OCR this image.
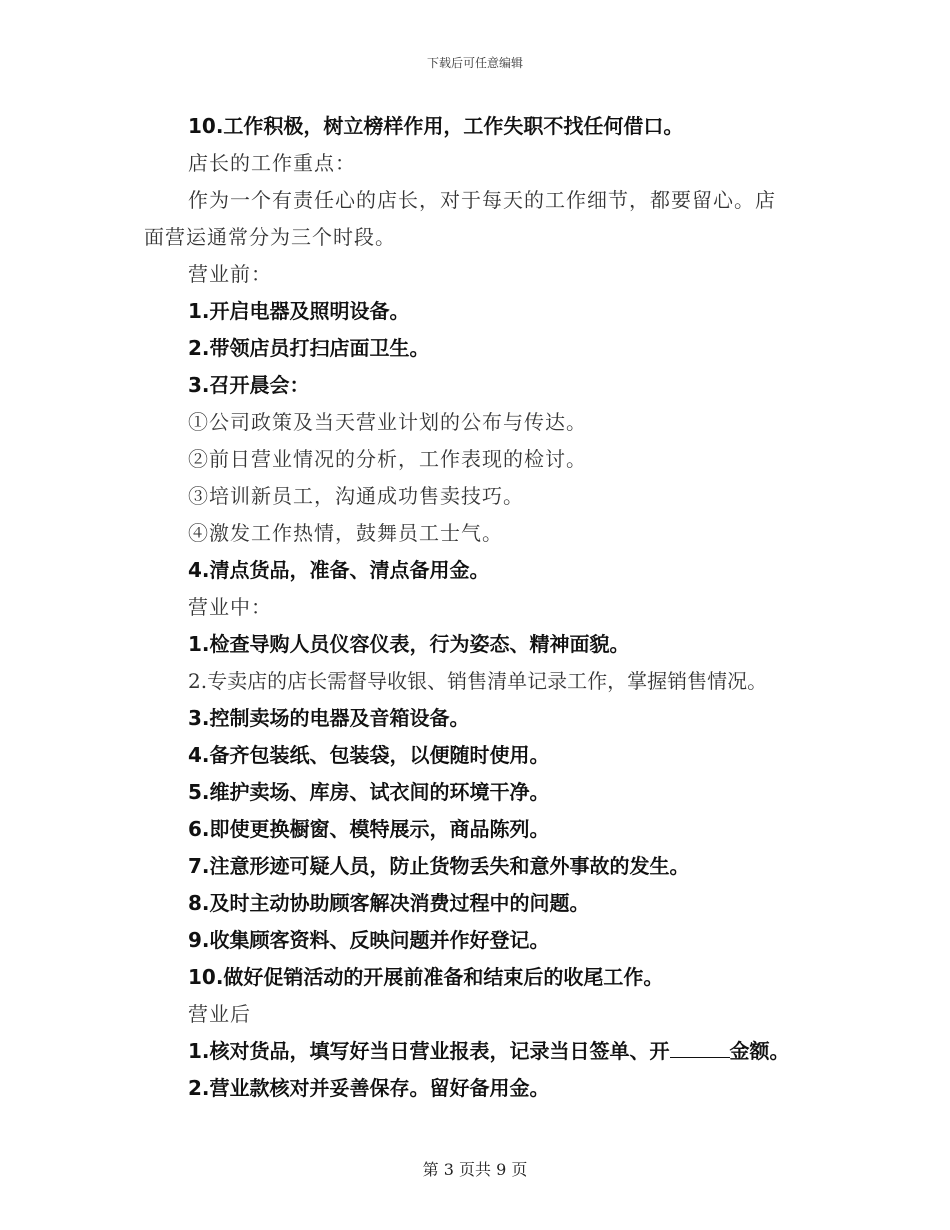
下载后可任意编辑
10.工作积极，树立榜样作用，工作失职不找任何借口。
店长的工作重点：
作为一个有责任心的店长，对于每天的工作细节，都要留心。店
面营运通常分为三个时段。
营业前：
1.开启电器及照明设备。
2.带领店员打扫店面卫生。
3.召开晨会：
①公司政策及当天营业计划的公布与传达。
②前日营业情况的分析，工作表现的检讨。
③培训新员工，沟通成功售卖技巧。
④激发工作热情，鼓舞员工士气。
4.清点货品，准备、清点备用金。
营业中：
1.检查导购人员仪容仪表，行为姿态、精神面貌。
2.专卖店的店长需督导收银、销售清单记录工作，掌握销售情况。
3.控制卖场的电器及音箱设备。
4.备齐包装纸、包装袋，以便随时使用。
5.维护卖场、库房、试衣间的环境干净。
6.即使更换橱窗、模特展示，商品陈列。
7.注意形迹可疑人员，防止货物丢失和意外事故的发生。
8.及时主动协助顾客解决消费过程中的问题。
9.收集顾客资料、反映问题并作好登记。
10.做好促销活动的开展前准备和结束后的收尾工作。
营业后
1.核对货品，填写好当日营业报表，记录当日签单、开	金额。
2.营业款核对并妥善保存。留好备用金。
第 3 页共 9 页
